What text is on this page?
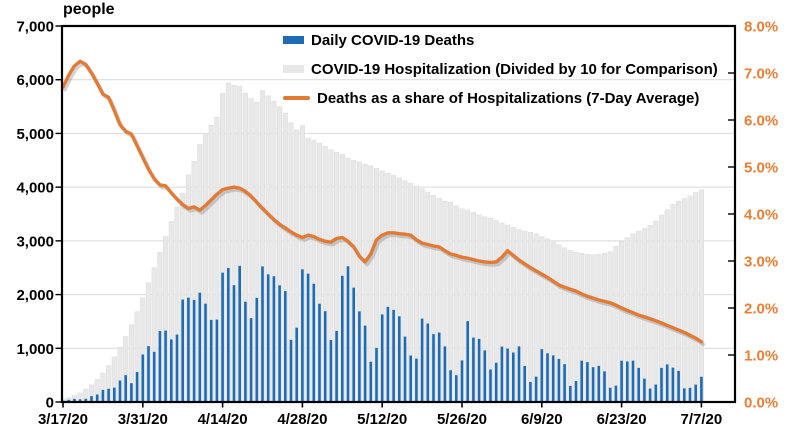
0
1,000
2,000
3,000
4,000
5,000
6,000
7,000
0.0%
1.0%
2.0%
3.0%
4.0%
5.0%
6.0%
7.0%
8.0%
3/17/20 3/31/20 4/14/20 4/28/20 5/12/20 5/26/20 6/9/20 6/23/20 7/7/20
people
Daily COVID-19 Deaths
COVID-19 Hospitalization (Divided by 10 for Comparison)
Deaths as a share of Hospitalizations (7-Day Average)
